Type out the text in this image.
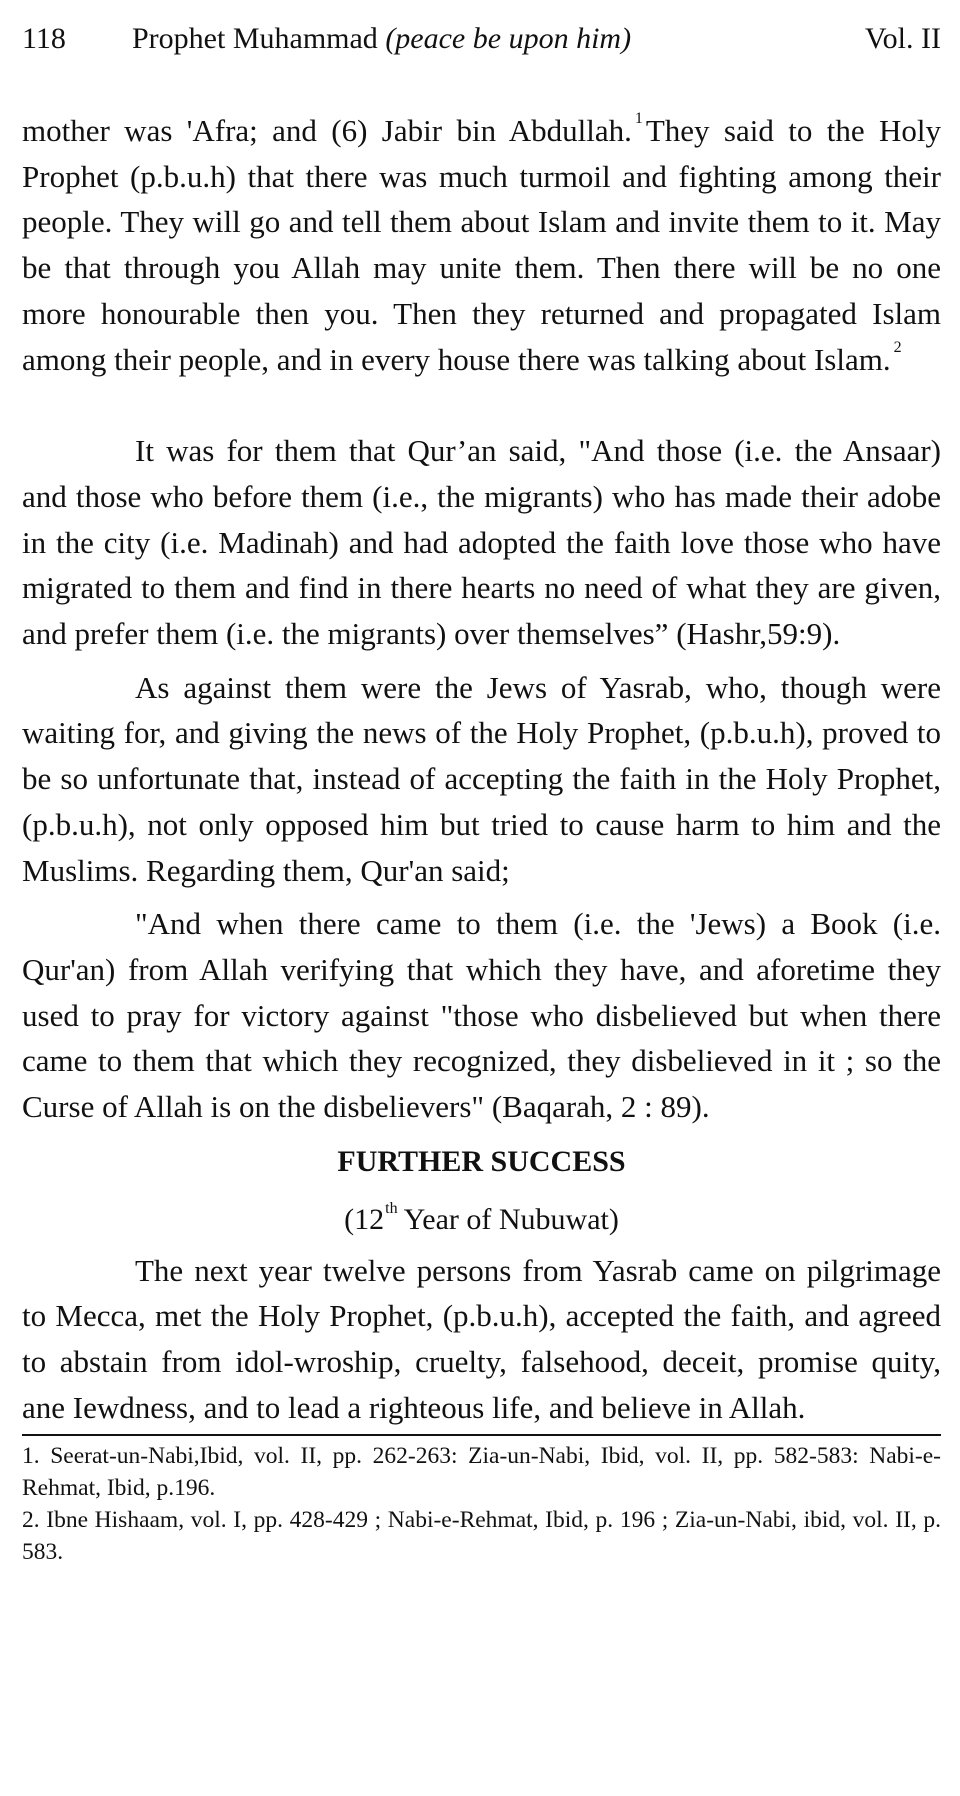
118	Prophet Muhammad (peace be upon him)	Vol. II

mother was 'Afra; and (6) Jabir bin Abdullah. $^1$They said to the Holy Prophet (p.b.u.h) that there was much turmoil and fighting among their people. They will go and tell them about Islam and invite them to it. May be that through you Allah may unite them. Then there will be no one more honourable then you. Then they returned and propagated Islam among their people, and in every house there was talking about Islam. $^2$

It was for them that Qur’an said, "And those (i.e. the Ansaar) and those who before them (i.e., the migrants) who has made their adobe in the city (i.e. Madinah) and had adopted the faith love those who have migrated to them and find in there hearts no need of what they are given, and prefer them (i.e. the migrants) over themselves” (Hashr,59:9).

As against them were the Jews of Yasrab, who, though were waiting for, and giving the news of the Holy Prophet, (p.b.u.h), proved to be so unfortunate that, instead of accepting the faith in the Holy Prophet, (p.b.u.h), not only opposed him but tried to cause harm to him and the Muslims. Regarding them, Qur'an said;

"And when there came to them (i.e. the 'Jews) a Book (i.e. Qur'an) from Allah verifying that which they have, and aforetime they used to pray for victory against "those who disbelieved but when there came to them that which they recognized, they disbelieved in it ; so the Curse of Allah is on the disbelievers" (Baqarah, 2 : 89).

FURTHER SUCCESS
(12th Year of Nubuwat)

The next year twelve persons from Yasrab came on pilgrimage to Mecca, met the Holy Prophet, (p.b.u.h), accepted the faith, and agreed to abstain from idol-wroship, cruelty, falsehood, deceit, promise quity, ane Iewdness, and to lead a righteous life, and believe in Allah.

1. Seerat-un-Nabi,Ibid, vol. II, pp. 262-263: Zia-un-Nabi, Ibid, vol. II, pp. 582-583: Nabi-e-Rehmat, Ibid, p.196.

2. Ibne Hishaam, vol. I, pp. 428-429 ; Nabi-e-Rehmat, Ibid, p. 196 ; Zia-un-Nabi, ibid, vol. II, p. 583.
